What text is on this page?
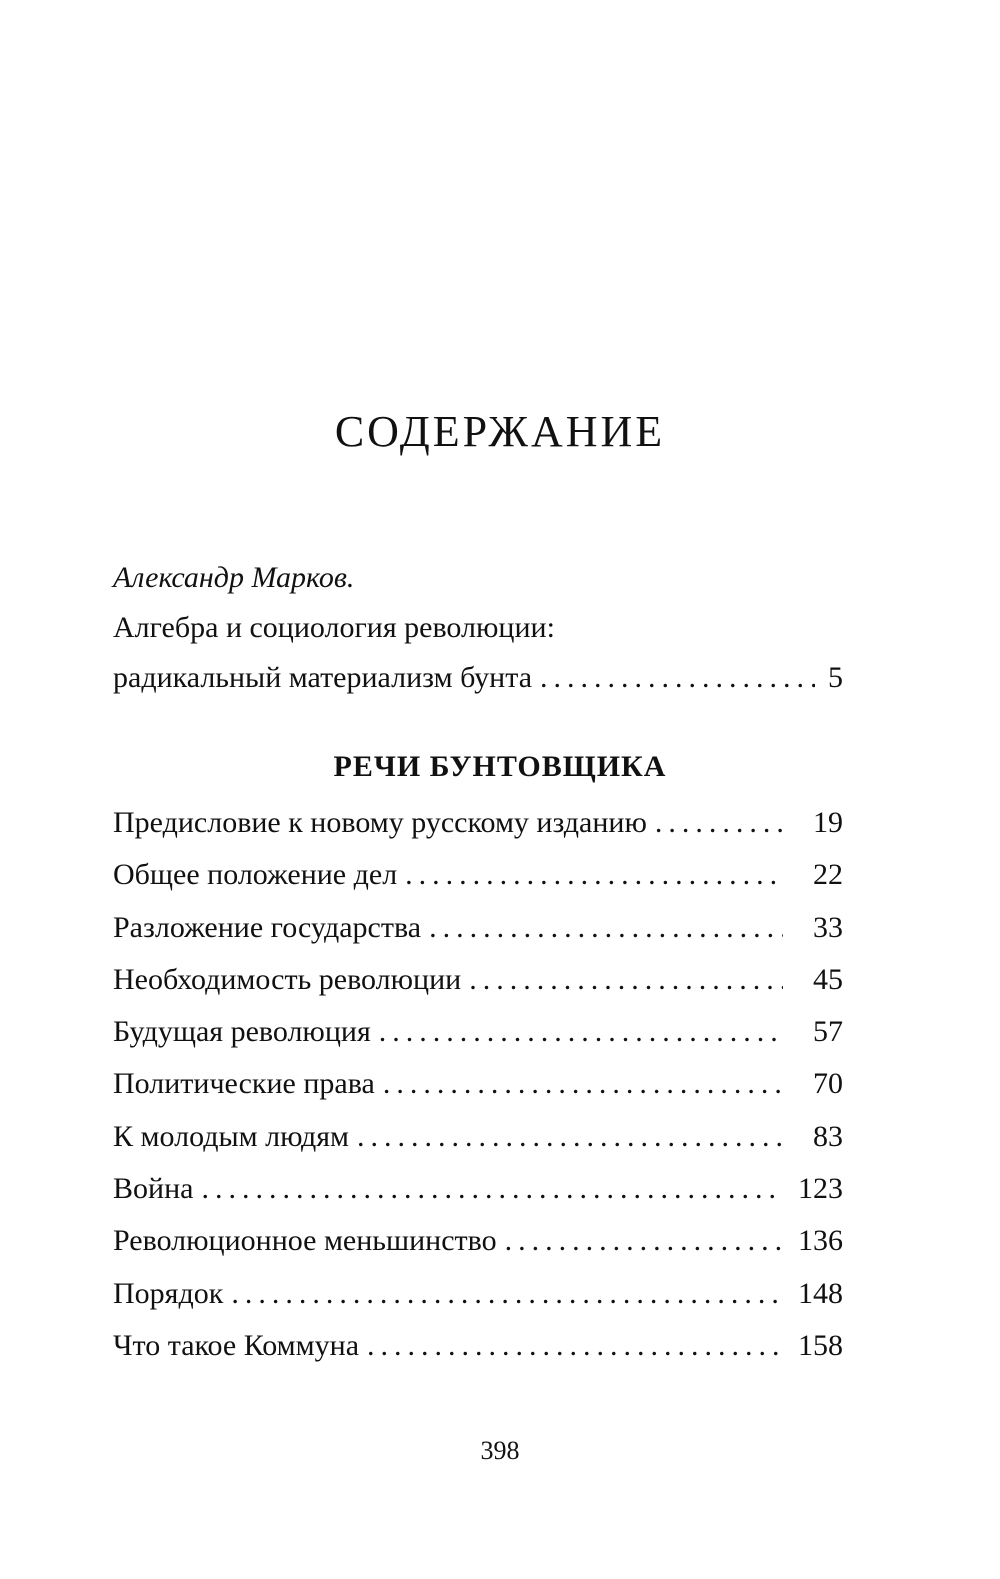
СОДЕРЖАНИЕ
Александр Марков.
Алгебра и социология революции:
радикальный материализм бунта .....	5
РЕЧИ БУНТОВЩИКА
Предисловие к новому русскому изданию .....	19
Общее положение дел .....	22
Разложение государства .....	33
Необходимость революции .....	45
Будущая революция .....	57
Политические права .....	70
К молодым людям .....	83
Война .....	123
Революционное меньшинство .....	136
Порядок .....	148
Что такое Коммуна .....	158
398
